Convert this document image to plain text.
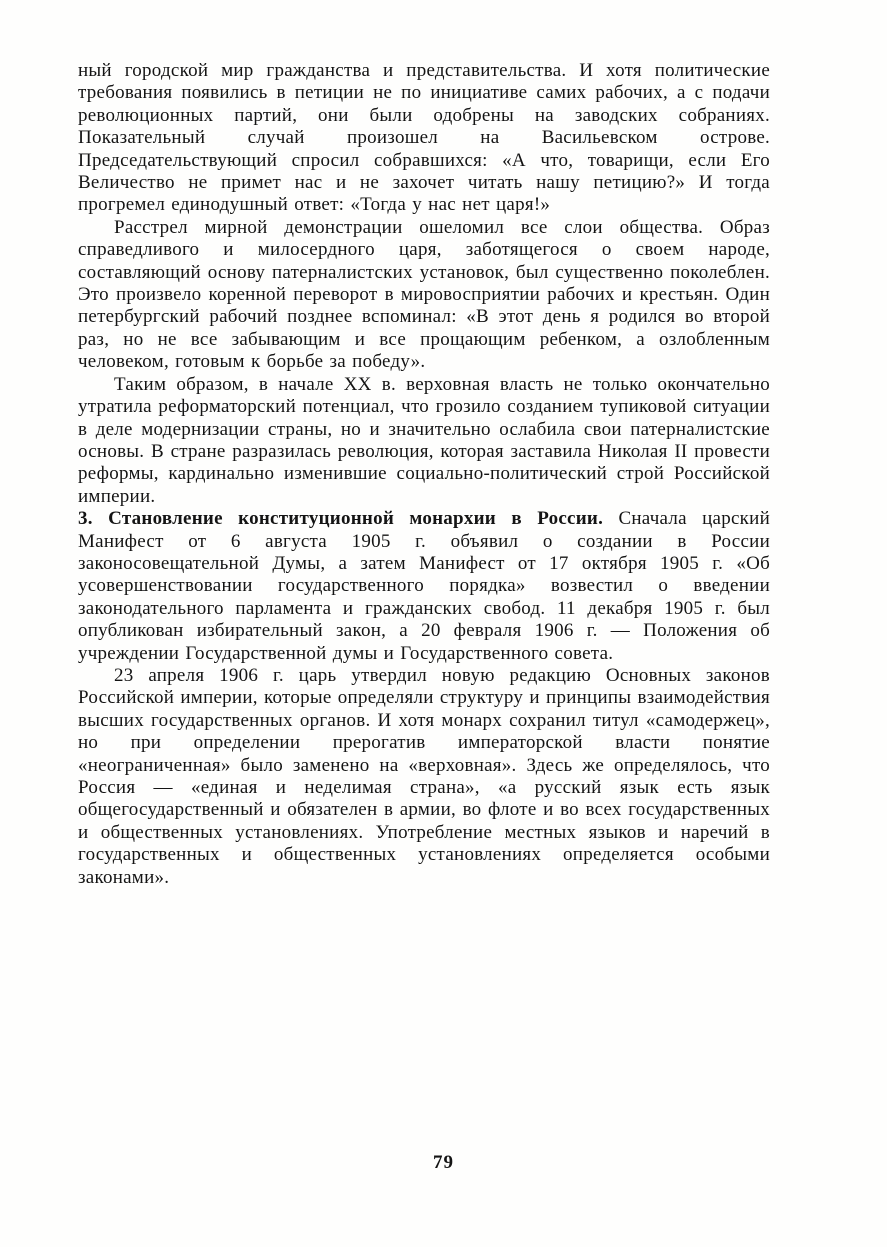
ный городской мир гражданства и представительства. И хотя политические требования появились в петиции не по инициативе самих рабочих, а с подачи революционных партий, они были одобрены на заводских собраниях. Показательный случай произошел на Васильевском острове. Председательствующий спросил собравшихся: «А что, товарищи, если Его Величество не примет нас и не захочет читать нашу петицию?» И тогда прогремел единодушный ответ: «Тогда у нас нет царя!»

Расстрел мирной демонстрации ошеломил все слои общества. Образ справедливого и милосердного царя, заботящегося о своем народе, составляющий основу патерналистских установок, был существенно поколеблен. Это произвело коренной переворот в мировосприятии рабочих и крестьян. Один петербургский рабочий позднее вспоминал: «В этот день я родился во второй раз, но не все забывающим и все прощающим ребенком, а озлобленным человеком, готовым к борьбе за победу».

Таким образом, в начале XX в. верховная власть не только окончательно утратила реформаторский потенциал, что грозило созданием тупиковой ситуации в деле модернизации страны, но и значительно ослабила свои патерналистские основы. В стране разразилась революция, которая заставила Николая II провести реформы, кардинально изменившие социально-политический строй Российской империи.

3. Становление конституционной монархии в России. Сначала царский Манифест от 6 августа 1905 г. объявил о создании в России законосовещательной Думы, а затем Манифест от 17 октября 1905 г. «Об усовершенствовании государственного порядка» возвестил о введении законодательного парламента и гражданских свобод. 11 декабря 1905 г. был опубликован избирательный закон, а 20 февраля 1906 г. — Положения об учреждении Государственной думы и Государственного совета.

23 апреля 1906 г. царь утвердил новую редакцию Основных законов Российской империи, которые определяли структуру и принципы взаимодействия высших государственных органов. И хотя монарх сохранил титул «самодержец», но при определении прерогатив императорской власти понятие «неограниченная» было заменено на «верховная». Здесь же определялось, что Россия — «единая и неделимая страна», «а русский язык есть язык общегосударственный и обязателен в армии, во флоте и во всех государственных и общественных установлениях. Употребление местных языков и наречий в государственных и общественных установлениях определяется особыми законами».

79
